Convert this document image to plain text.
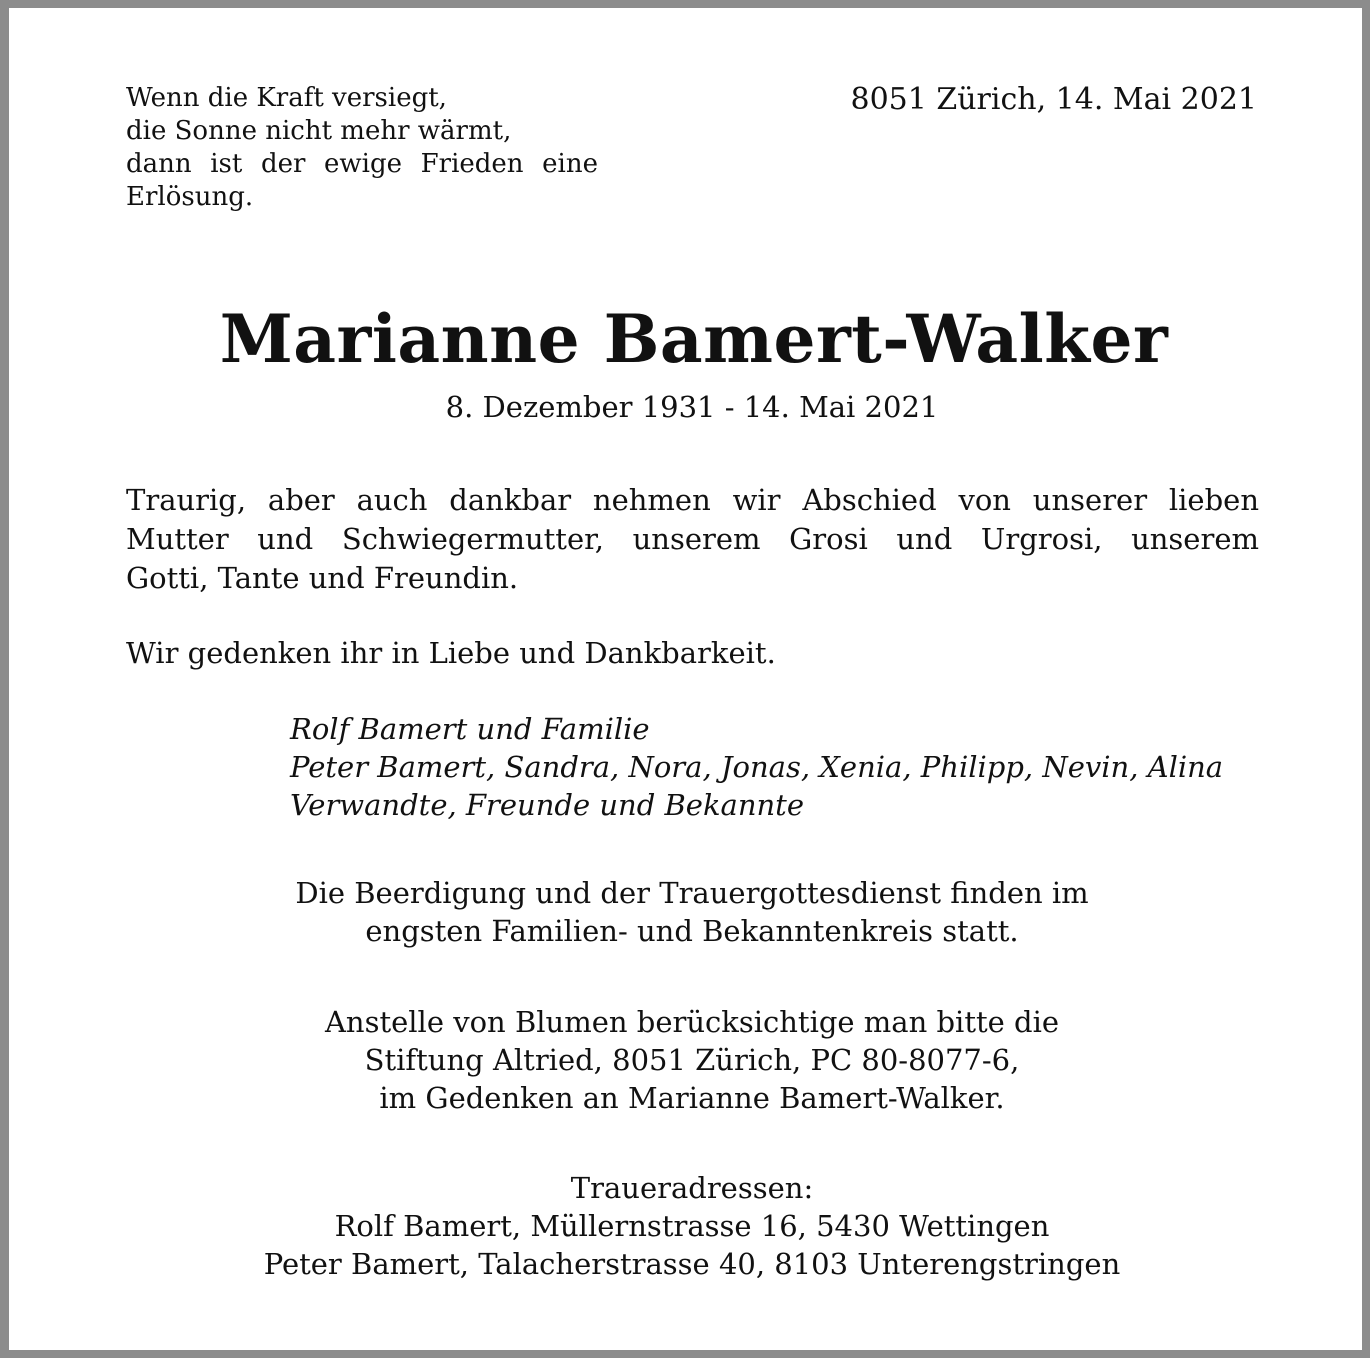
Wenn die Kraft versiegt,
die Sonne nicht mehr wärmt,
dann ist der ewige Frieden eine
Erlösung.
8051 Zürich, 14. Mai 2021
Marianne Bamert-Walker
8. Dezember 1931 - 14. Mai 2021
Traurig, aber auch dankbar nehmen wir Abschied von unserer lieben
Mutter und Schwiegermutter, unserem Grosi und Urgrosi, unserem
Gotti, Tante und Freundin.
Wir gedenken ihr in Liebe und Dankbarkeit.
Rolf Bamert und Familie
Peter Bamert, Sandra, Nora, Jonas, Xenia, Philipp, Nevin, Alina
Verwandte, Freunde und Bekannte
Die Beerdigung und der Trauergottesdienst finden im
engsten Familien- und Bekanntenkreis statt.
Anstelle von Blumen berücksichtige man bitte die
Stiftung Altried, 8051 Zürich, PC 80-8077-6,
im Gedenken an Marianne Bamert-Walker.
Traueradressen:
Rolf Bamert, Müllernstrasse 16, 5430 Wettingen
Peter Bamert, Talacherstrasse 40, 8103 Unterengstringen
